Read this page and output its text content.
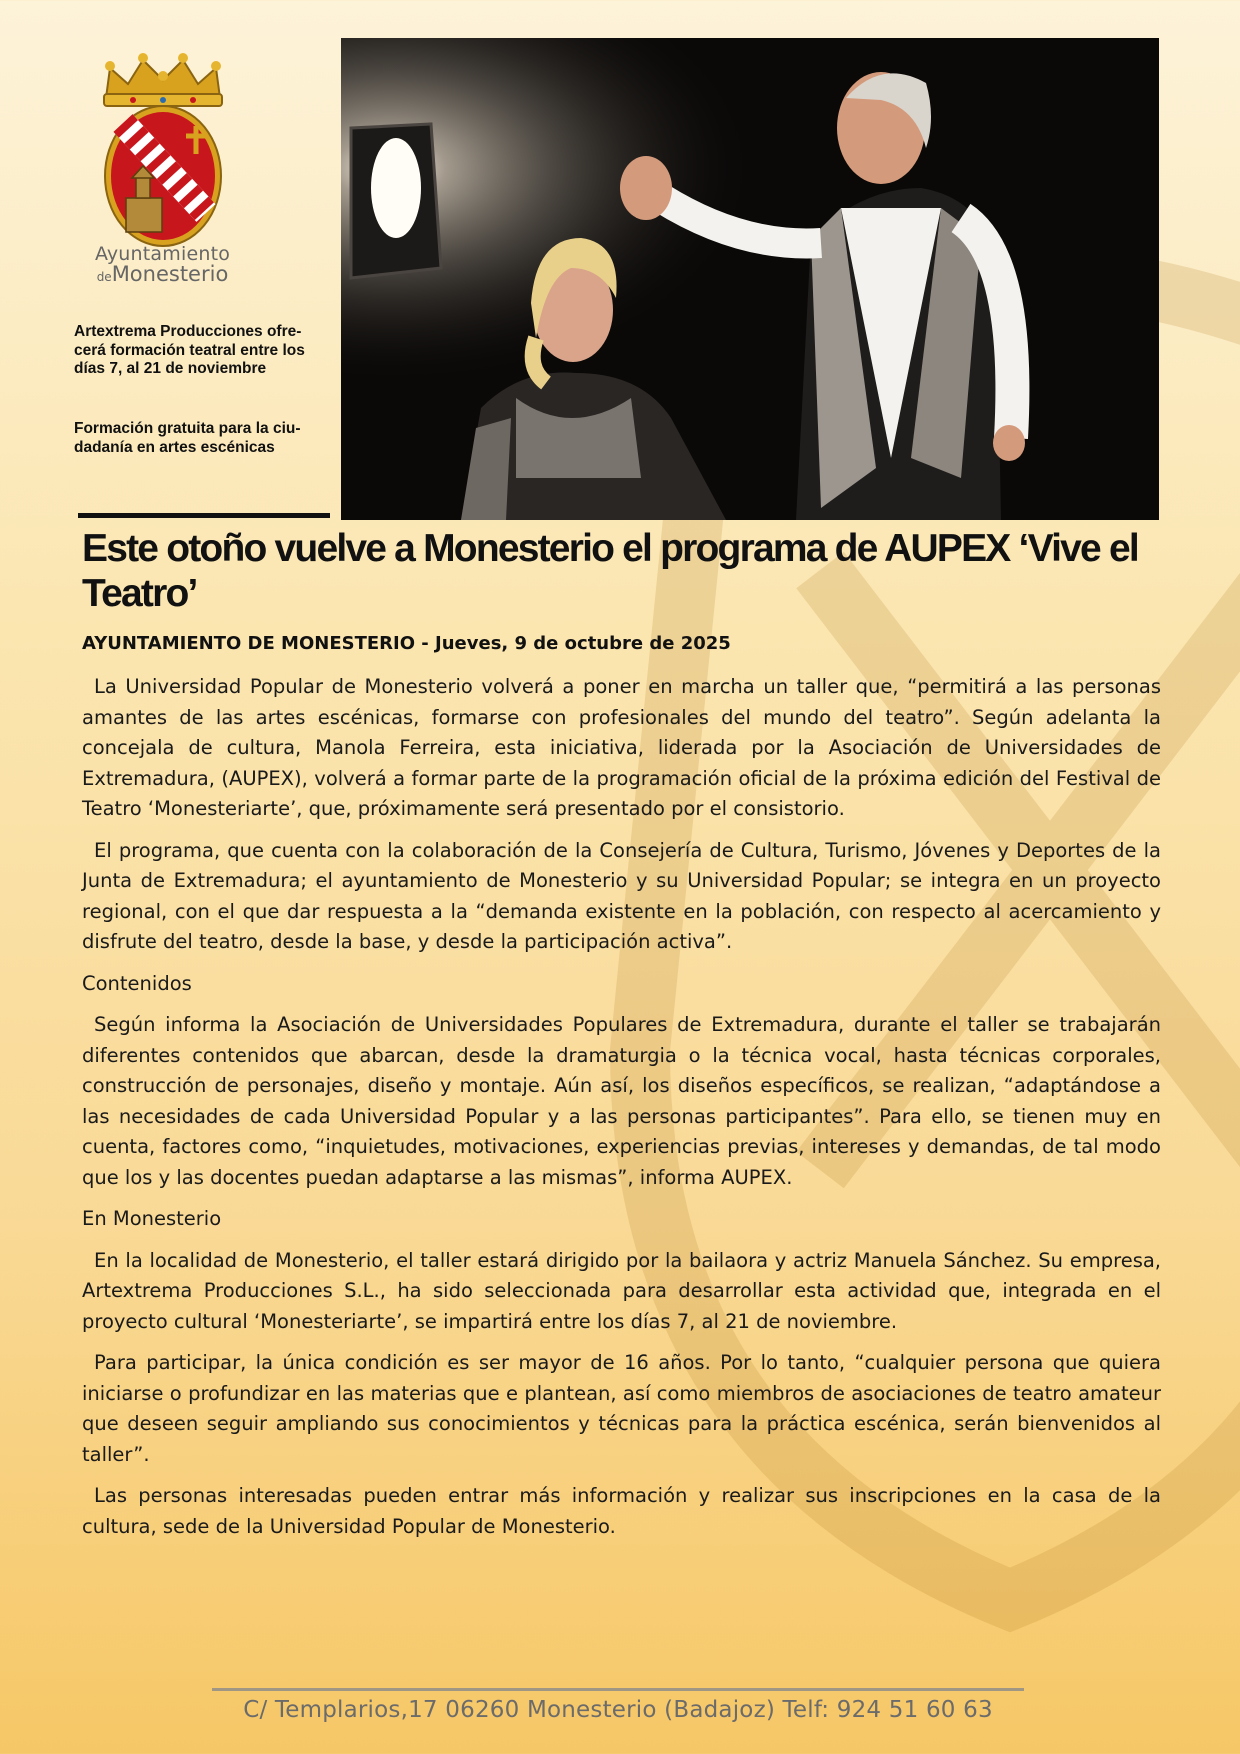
Ayuntamiento
deMonesterio
Artextrema Producciones ofre-cerá formación teatral entre los días 7, al 21 de noviembre
Formación gratuita para la ciu-dadanía en artes escénicas
Este otoño vuelve a Monesterio el programa de AUPEX ‘Vive el Teatro’
AYUNTAMIENTO DE MONESTERIO - Jueves, 9 de octubre de 2025

La Universidad Popular de Monesterio volverá a poner en marcha un taller que, “permitirá a las personas amantes de las artes escénicas, formarse con profesionales del mundo del teatro”. Según adelanta la concejala de cultura, Manola Ferreira, esta iniciativa, liderada por la Asociación de Universidades de Extremadura, (AUPEX), volverá a formar parte de la programación oficial de la próxima edición del Festival de Teatro ‘Monesteriarte’, que, próximamente será presentado por el consistorio.

El programa, que cuenta con la colaboración de la Consejería de Cultura, Turismo, Jóvenes y Deportes de la Junta de Extremadura; el ayuntamiento de Monesterio y su Universidad Popular; se integra en un proyecto regional, con el que dar respuesta a la “demanda existente en la población, con respecto al acercamiento y disfrute del teatro, desde la base, y desde la participación activa”.

Contenidos

Según informa la Asociación de Universidades Populares de Extremadura, durante el taller se trabajarán diferentes contenidos que abarcan, desde la dramaturgia o la técnica vocal, hasta técnicas corporales, construcción de personajes, diseño y montaje. Aún así, los diseños específicos, se realizan, “adaptándose a las necesidades de cada Universidad Popular y a las personas participantes”. Para ello, se tienen muy en cuenta, factores como, “inquietudes, motivaciones, experiencias previas, intereses y demandas, de tal modo que los y las docentes puedan adaptarse a las mismas”, informa AUPEX.

En Monesterio

En la localidad de Monesterio, el taller estará dirigido por la bailaora y actriz Manuela Sánchez. Su empresa, Artextrema Producciones S.L., ha sido seleccionada para desarrollar esta actividad que, integrada en el proyecto cultural ‘Monesteriarte’, se impartirá entre los días 7, al 21 de noviembre.

Para participar, la única condición es ser mayor de 16 años. Por lo tanto, “cualquier persona que quiera iniciarse o profundizar en las materias que e plantean, así como miembros de asociaciones de teatro amateur que deseen seguir ampliando sus conocimientos y técnicas para la práctica escénica, serán bienvenidos al taller”.

Las personas interesadas pueden entrar más información y realizar sus inscripciones en la casa de la cultura, sede de la Universidad Popular de Monesterio.

C/ Templarios,17 06260 Monesterio (Badajoz) Telf: 924 51 60 63
